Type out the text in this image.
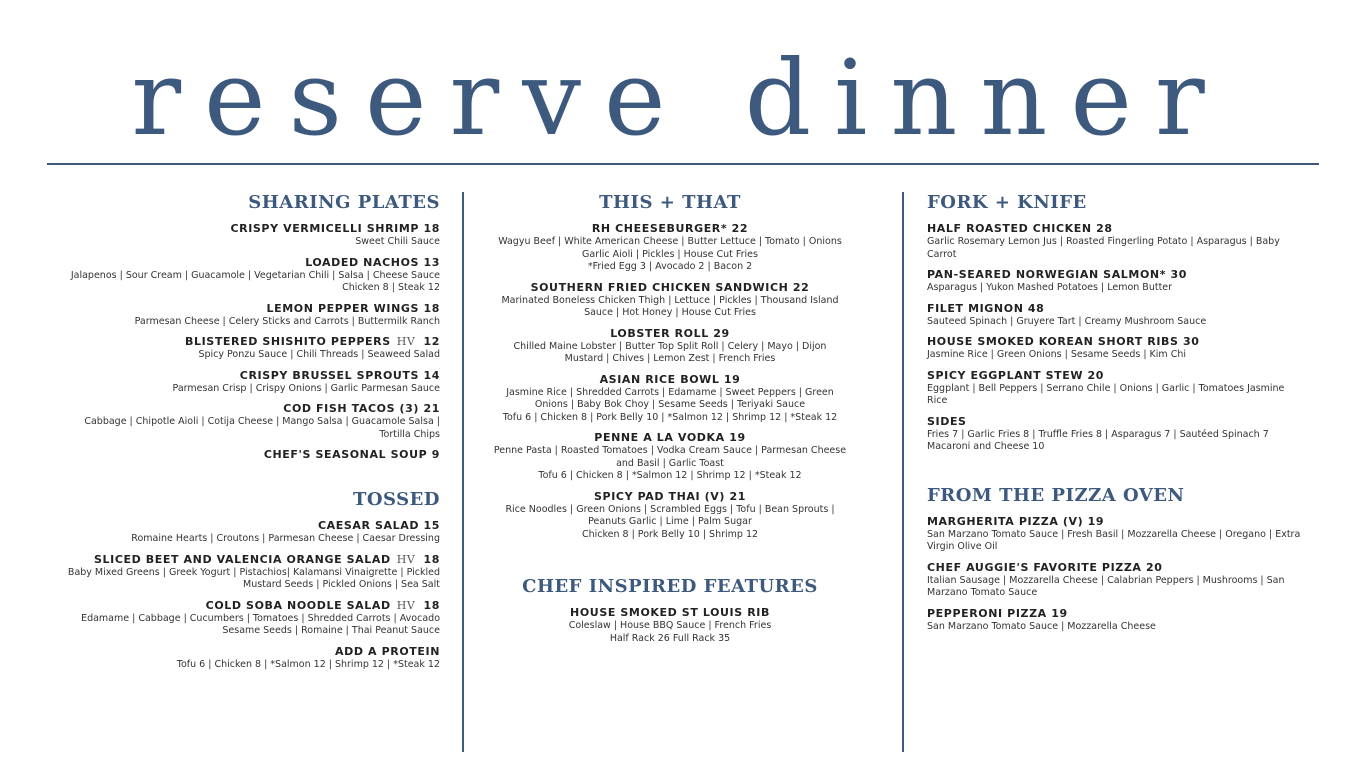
reserve dinner
SHARING PLATES
CRISPY VERMICELLI SHRIMP 18
Sweet Chili Sauce
LOADED NACHOS 13
Jalapenos | Sour Cream | Guacamole | Vegetarian Chili | Salsa | Cheese Sauce
Chicken 8 | Steak 12
LEMON PEPPER WINGS 18
Parmesan Cheese | Celery Sticks and Carrots | Buttermilk Ranch
BLISTERED SHISHITO PEPPERS HV 12
Spicy Ponzu Sauce | Chili Threads | Seaweed Salad
CRISPY BRUSSEL SPROUTS 14
Parmesan Crisp | Crispy Onions | Garlic Parmesan Sauce
COD FISH TACOS (3) 21
Cabbage | Chipotle Aioli | Cotija Cheese | Mango Salsa | Guacamole Salsa |
Tortilla Chips
CHEF'S SEASONAL SOUP 9
TOSSED
CAESAR SALAD 15
Romaine Hearts | Croutons | Parmesan Cheese | Caesar Dressing
SLICED BEET AND VALENCIA ORANGE SALAD HV 18
Baby Mixed Greens | Greek Yogurt | Pistachios| Kalamansi Vinaigrette | Pickled
Mustard Seeds | Pickled Onions | Sea Salt
COLD SOBA NOODLE SALAD HV 18
Edamame | Cabbage | Cucumbers | Tomatoes | Shredded Carrots | Avocado
Sesame Seeds | Romaine | Thai Peanut Sauce
ADD A PROTEIN
Tofu 6 | Chicken 8 | *Salmon 12 | Shrimp 12 | *Steak 12
THIS + THAT
RH CHEESEBURGER* 22
Wagyu Beef | White American Cheese | Butter Lettuce | Tomato | Onions
Garlic Aioli | Pickles | House Cut Fries
*Fried Egg 3 | Avocado 2 | Bacon 2
SOUTHERN FRIED CHICKEN SANDWICH 22
Marinated Boneless Chicken Thigh | Lettuce | Pickles | Thousand Island
Sauce | Hot Honey | House Cut Fries
LOBSTER ROLL 29
Chilled Maine Lobster | Butter Top Split Roll | Celery | Mayo | Dijon
Mustard | Chives | Lemon Zest | French Fries
ASIAN RICE BOWL 19
Jasmine Rice | Shredded Carrots | Edamame | Sweet Peppers | Green
Onions | Baby Bok Choy | Sesame Seeds | Teriyaki Sauce
Tofu 6 | Chicken 8 | Pork Belly 10 | *Salmon 12 | Shrimp 12 | *Steak 12
PENNE A LA VODKA 19
Penne Pasta | Roasted Tomatoes | Vodka Cream Sauce | Parmesan Cheese
and Basil | Garlic Toast
Tofu 6 | Chicken 8 | *Salmon 12 | Shrimp 12 | *Steak 12
SPICY PAD THAI (V) 21
Rice Noodles | Green Onions | Scrambled Eggs | Tofu | Bean Sprouts |
Peanuts Garlic | Lime | Palm Sugar
Chicken 8 | Pork Belly 10 | Shrimp 12
CHEF INSPIRED FEATURES
HOUSE SMOKED ST LOUIS RIB
Coleslaw | House BBQ Sauce | French Fries
Half Rack 26 Full Rack 35
FORK + KNIFE
HALF ROASTED CHICKEN 28
Garlic Rosemary Lemon Jus | Roasted Fingerling Potato | Asparagus | Baby
Carrot
PAN-SEARED NORWEGIAN SALMON* 30
Asparagus | Yukon Mashed Potatoes | Lemon Butter
FILET MIGNON 48
Sauteed Spinach | Gruyere Tart | Creamy Mushroom Sauce
HOUSE SMOKED KOREAN SHORT RIBS 30
Jasmine Rice | Green Onions | Sesame Seeds | Kim Chi
SPICY EGGPLANT STEW 20
Eggplant | Bell Peppers | Serrano Chile | Onions | Garlic | Tomatoes Jasmine
Rice
SIDES
Fries 7 | Garlic Fries 8 | Truffle Fries 8 | Asparagus 7 | Sautéed Spinach 7
Macaroni and Cheese 10
FROM THE PIZZA OVEN
MARGHERITA PIZZA (V) 19
San Marzano Tomato Sauce | Fresh Basil | Mozzarella Cheese | Oregano | Extra
Virgin Olive Oil
CHEF AUGGIE'S FAVORITE PIZZA 20
Italian Sausage | Mozzarella Cheese | Calabrian Peppers | Mushrooms | San
Marzano Tomato Sauce
PEPPERONI PIZZA 19
San Marzano Tomato Sauce | Mozzarella Cheese
